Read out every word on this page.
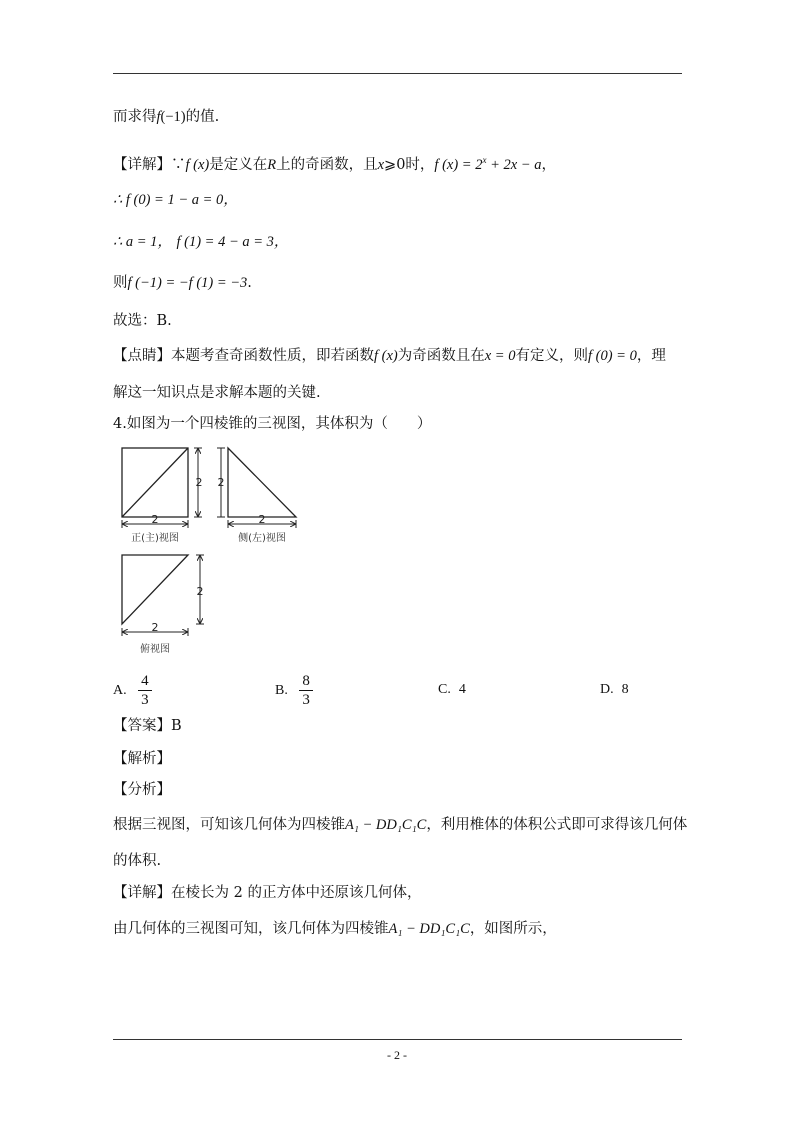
而求得f(−1)的值.
【详解】∵f (x)是定义在R上的奇函数，且x⩾0时，f $(x) = 2^x + 2x - a$，
∴ f (0) = 1 − a = 0，
∴ a = 1， f (1) = 4 − a = 3，
则f (−1) = −f (1) = −3.
故选：B.
【点睛】本题考查奇函数性质，即若函数f (x)为奇函数且在x = 0有定义，则f (0) = 0，理
解这一知识点是求解本题的关键.
4.如图为一个四棱锥的三视图，其体积为（　　）
2
2
正(主)视图
2
2
侧(左)视图
2
2
俯视图
A. $\frac{4}{3}$	B. $\frac{8}{3}$	C. 4	D. 8
【答案】B
【解析】
【分析】
根据三视图，可知该几何体为四棱锥A₁ − DD₁C₁C，利用椎体的体积公式即可求得该几何体
的体积.
【详解】在棱长为 2 的正方体中还原该几何体，
由几何体的三视图可知，该几何体为四棱锥A₁ − DD₁C₁C，如图所示，
- 2 -
